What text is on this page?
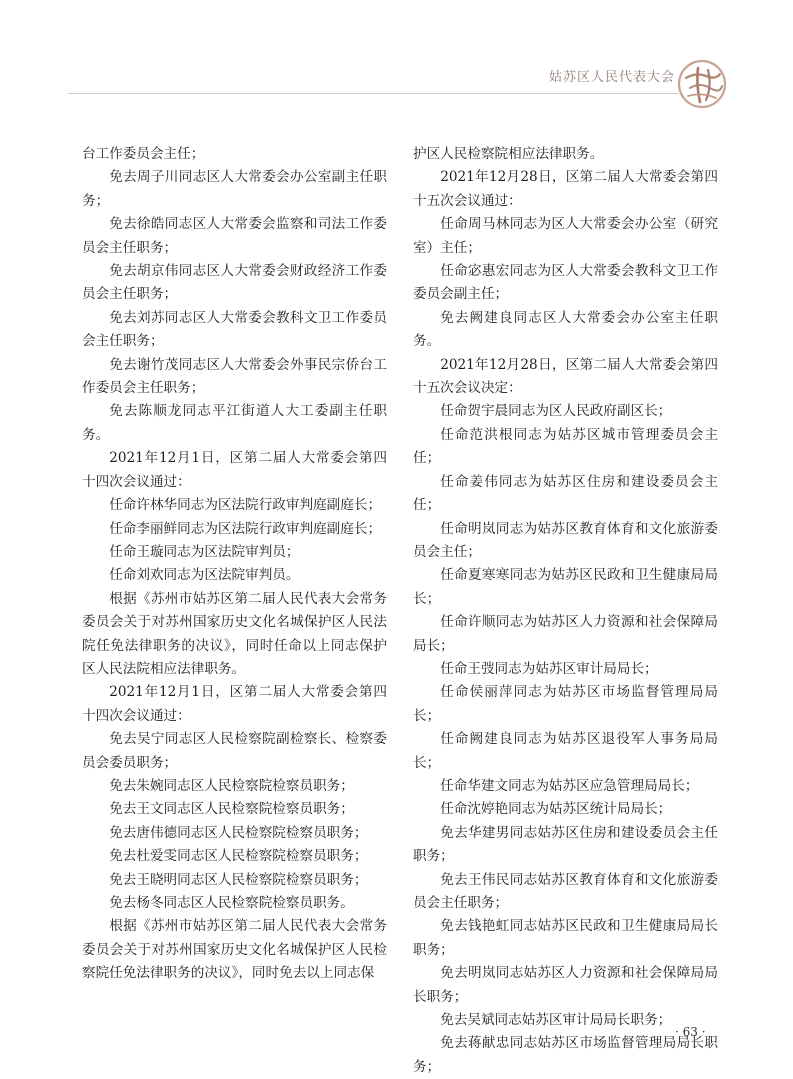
姑苏区人民代表大会

台工作委员会主任；

免去周子川同志区人大常委会办公室副主任职务；

免去徐皓同志区人大常委会监察和司法工作委员会主任职务；

免去胡京伟同志区人大常委会财政经济工作委员会主任职务；

免去刘苏同志区人大常委会教科文卫工作委员会主任职务；

免去谢竹茂同志区人大常委会外事民宗侨台工作委员会主任职务；

免去陈顺龙同志平江街道人大工委副主任职务。

2021年12月1日，区第二届人大常委会第四十四次会议通过：

任命许林华同志为区法院行政审判庭副庭长；

任命李丽鲜同志为区法院行政审判庭副庭长；

任命王璇同志为区法院审判员；

任命刘欢同志为区法院审判员。

根据《苏州市姑苏区第二届人民代表大会常务委员会关于对苏州国家历史文化名城保护区人民法院任免法律职务的决议》，同时任命以上同志保护区人民法院相应法律职务。

2021年12月1日，区第二届人大常委会第四十四次会议通过：

免去吴宁同志区人民检察院副检察长、检察委员会委员职务；

免去朱婉同志区人民检察院检察员职务；

免去王文同志区人民检察院检察员职务；

免去唐伟德同志区人民检察院检察员职务；

免去杜爱雯同志区人民检察院检察员职务；

免去王晓明同志区人民检察院检察员职务；

免去杨冬同志区人民检察院检察员职务。

根据《苏州市姑苏区第二届人民代表大会常务委员会关于对苏州国家历史文化名城保护区人民检察院任免法律职务的决议》，同时免去以上同志保

护区人民检察院相应法律职务。

2021年12月28日，区第二届人大常委会第四十五次会议通过：

任命周马林同志为区人大常委会办公室（研究室）主任；

任命宓惠宏同志为区人大常委会教科文卫工作委员会副主任；

免去阙建良同志区人大常委会办公室主任职务。

2021年12月28日，区第二届人大常委会第四十五次会议决定：

任命贺宇晨同志为区人民政府副区长；

任命范洪根同志为姑苏区城市管理委员会主任；

任命姜伟同志为姑苏区住房和建设委员会主任；

任命明岚同志为姑苏区教育体育和文化旅游委员会主任；

任命夏寒寒同志为姑苏区民政和卫生健康局局长；

任命许顺同志为姑苏区人力资源和社会保障局局长；

任命王弢同志为姑苏区审计局局长；

任命侯丽萍同志为姑苏区市场监督管理局局长；

任命阙建良同志为姑苏区退役军人事务局局长；

任命华建文同志为姑苏区应急管理局局长；

任命沈婷艳同志为姑苏区统计局局长；

免去华建男同志姑苏区住房和建设委员会主任职务；

免去王伟民同志姑苏区教育体育和文化旅游委员会主任职务；

免去钱艳虹同志姑苏区民政和卫生健康局局长职务；

免去明岚同志姑苏区人力资源和社会保障局局长职务；

免去吴斌同志姑苏区审计局局长职务；

免去蒋献忠同志姑苏区市场监督管理局局长职务；

· 63 ·
